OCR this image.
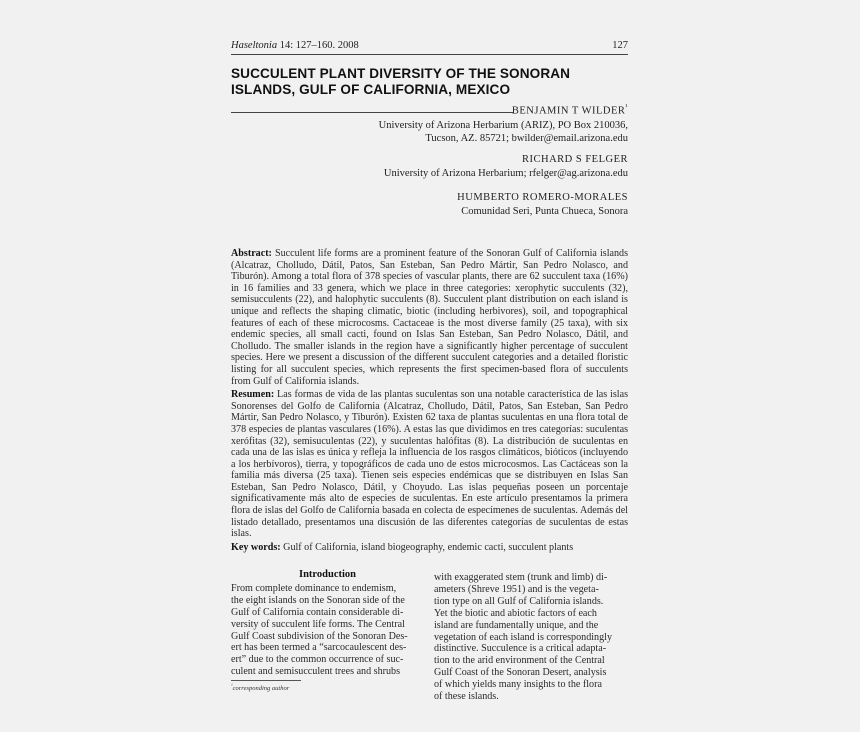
Haseltonia 14: 127–160. 2008	127
SUCCULENT PLANT DIVERSITY OF THE SONORAN
ISLANDS, GULF OF CALIFORNIA, MEXICO
BENJAMIN T $WILDER^{^1}$
University of Arizona Herbarium (ARIZ), PO Box 210036,
Tucson, AZ. 85721; bwilder@email.arizona.edu
RICHARD S FELGER
University of Arizona Herbarium; rfelger@ag.arizona.edu
HUMBERTO ROMERO-MORALES
Comunidad Seri, Punta Chueca, Sonora

Abstract: Succulent life forms are a prominent feature of the Sonoran Gulf of California islands (Alcatraz, Cholludo, Dátil, Patos, San Esteban, San Pedro Mártir, San Pedro Nolasco, and Tiburón). Among a total flora of 378 species of vascular plants, there are 62 succulent taxa (16%) in 16 families and 33 genera, which we place in three categories: xerophytic succulents (32), semisucculents (22), and halophytic succulents (8). Succulent plant distribution on each island is unique and reflects the shaping climatic, biotic (including herbivores), soil, and topographical features of each of these microcosms. Cactaceae is the most diverse family (25 taxa), with six endemic species, all small cacti, found on Islas San Esteban, San Pedro Nolasco, Dátil, and Cholludo. The smaller islands in the region have a significantly higher percentage of succulent species. Here we present a discussion of the different succulent categories and a detailed floristic listing for all succulent species, which represents the first specimen-based flora of succulents from Gulf of California islands.

Resumen: Las formas de vida de las plantas suculentas son una notable característica de las islas Sonorenses del Golfo de California (Alcatraz, Cholludo, Dátil, Patos, San Esteban, San Pedro Mártir, San Pedro Nolasco, y Tiburón). Existen 62 taxa de plantas suculentas en una flora total de 378 especies de plantas vasculares (16%). A estas las que dividimos en tres categorías: suculentas xerófitas (32), semisuculentas (22), y suculentas halófitas (8). La distribución de suculentas en cada una de las islas es única y refleja la influencia de los rasgos climáticos, bióticos (incluyendo a los herbívoros), tierra, y topográficos de cada uno de estos microcosmos. Las Cactáceas son la familia más diversa (25 taxa). Tienen seis especies endémicas que se distribuyen en Islas San Esteban, San Pedro Nolasco, Dátil, y Choyudo. Las islas pequeñas poseen un porcentaje significativamente más alto de especies de suculentas. En este artículo presentamos la primera flora de islas del Golfo de California basada en colecta de especímenes de suculentas. Además del listado detallado, presentamos una discusión de las diferentes categorías de suculentas de estas islas.

Key words: Gulf of California, island biogeography, endemic cacti, succulent plants

Introduction
From complete dominance to endemism,
the eight islands on the Sonoran side of the
Gulf of California contain considerable di-
versity of succulent life forms. The Central
Gulf Coast subdivision of the Sonoran Des-
ert has been termed a “sarcocaulescent des-
ert” due to the common occurrence of suc-
culent and semisucculent trees and shrubs
with exaggerated stem (trunk and limb) di-
ameters (Shreve 1951) and is the vegeta-
tion type on all Gulf of California islands.
Yet the biotic and abiotic factors of each
island are fundamentally unique, and the
vegetation of each island is correspondingly
distinctive. Succulence is a critical adapta-
tion to the arid environment of the Central
Gulf Coast of the Sonoran Desert, analysis
of which yields many insights to the flora
of these islands.
$^{^1}$corresponding author
